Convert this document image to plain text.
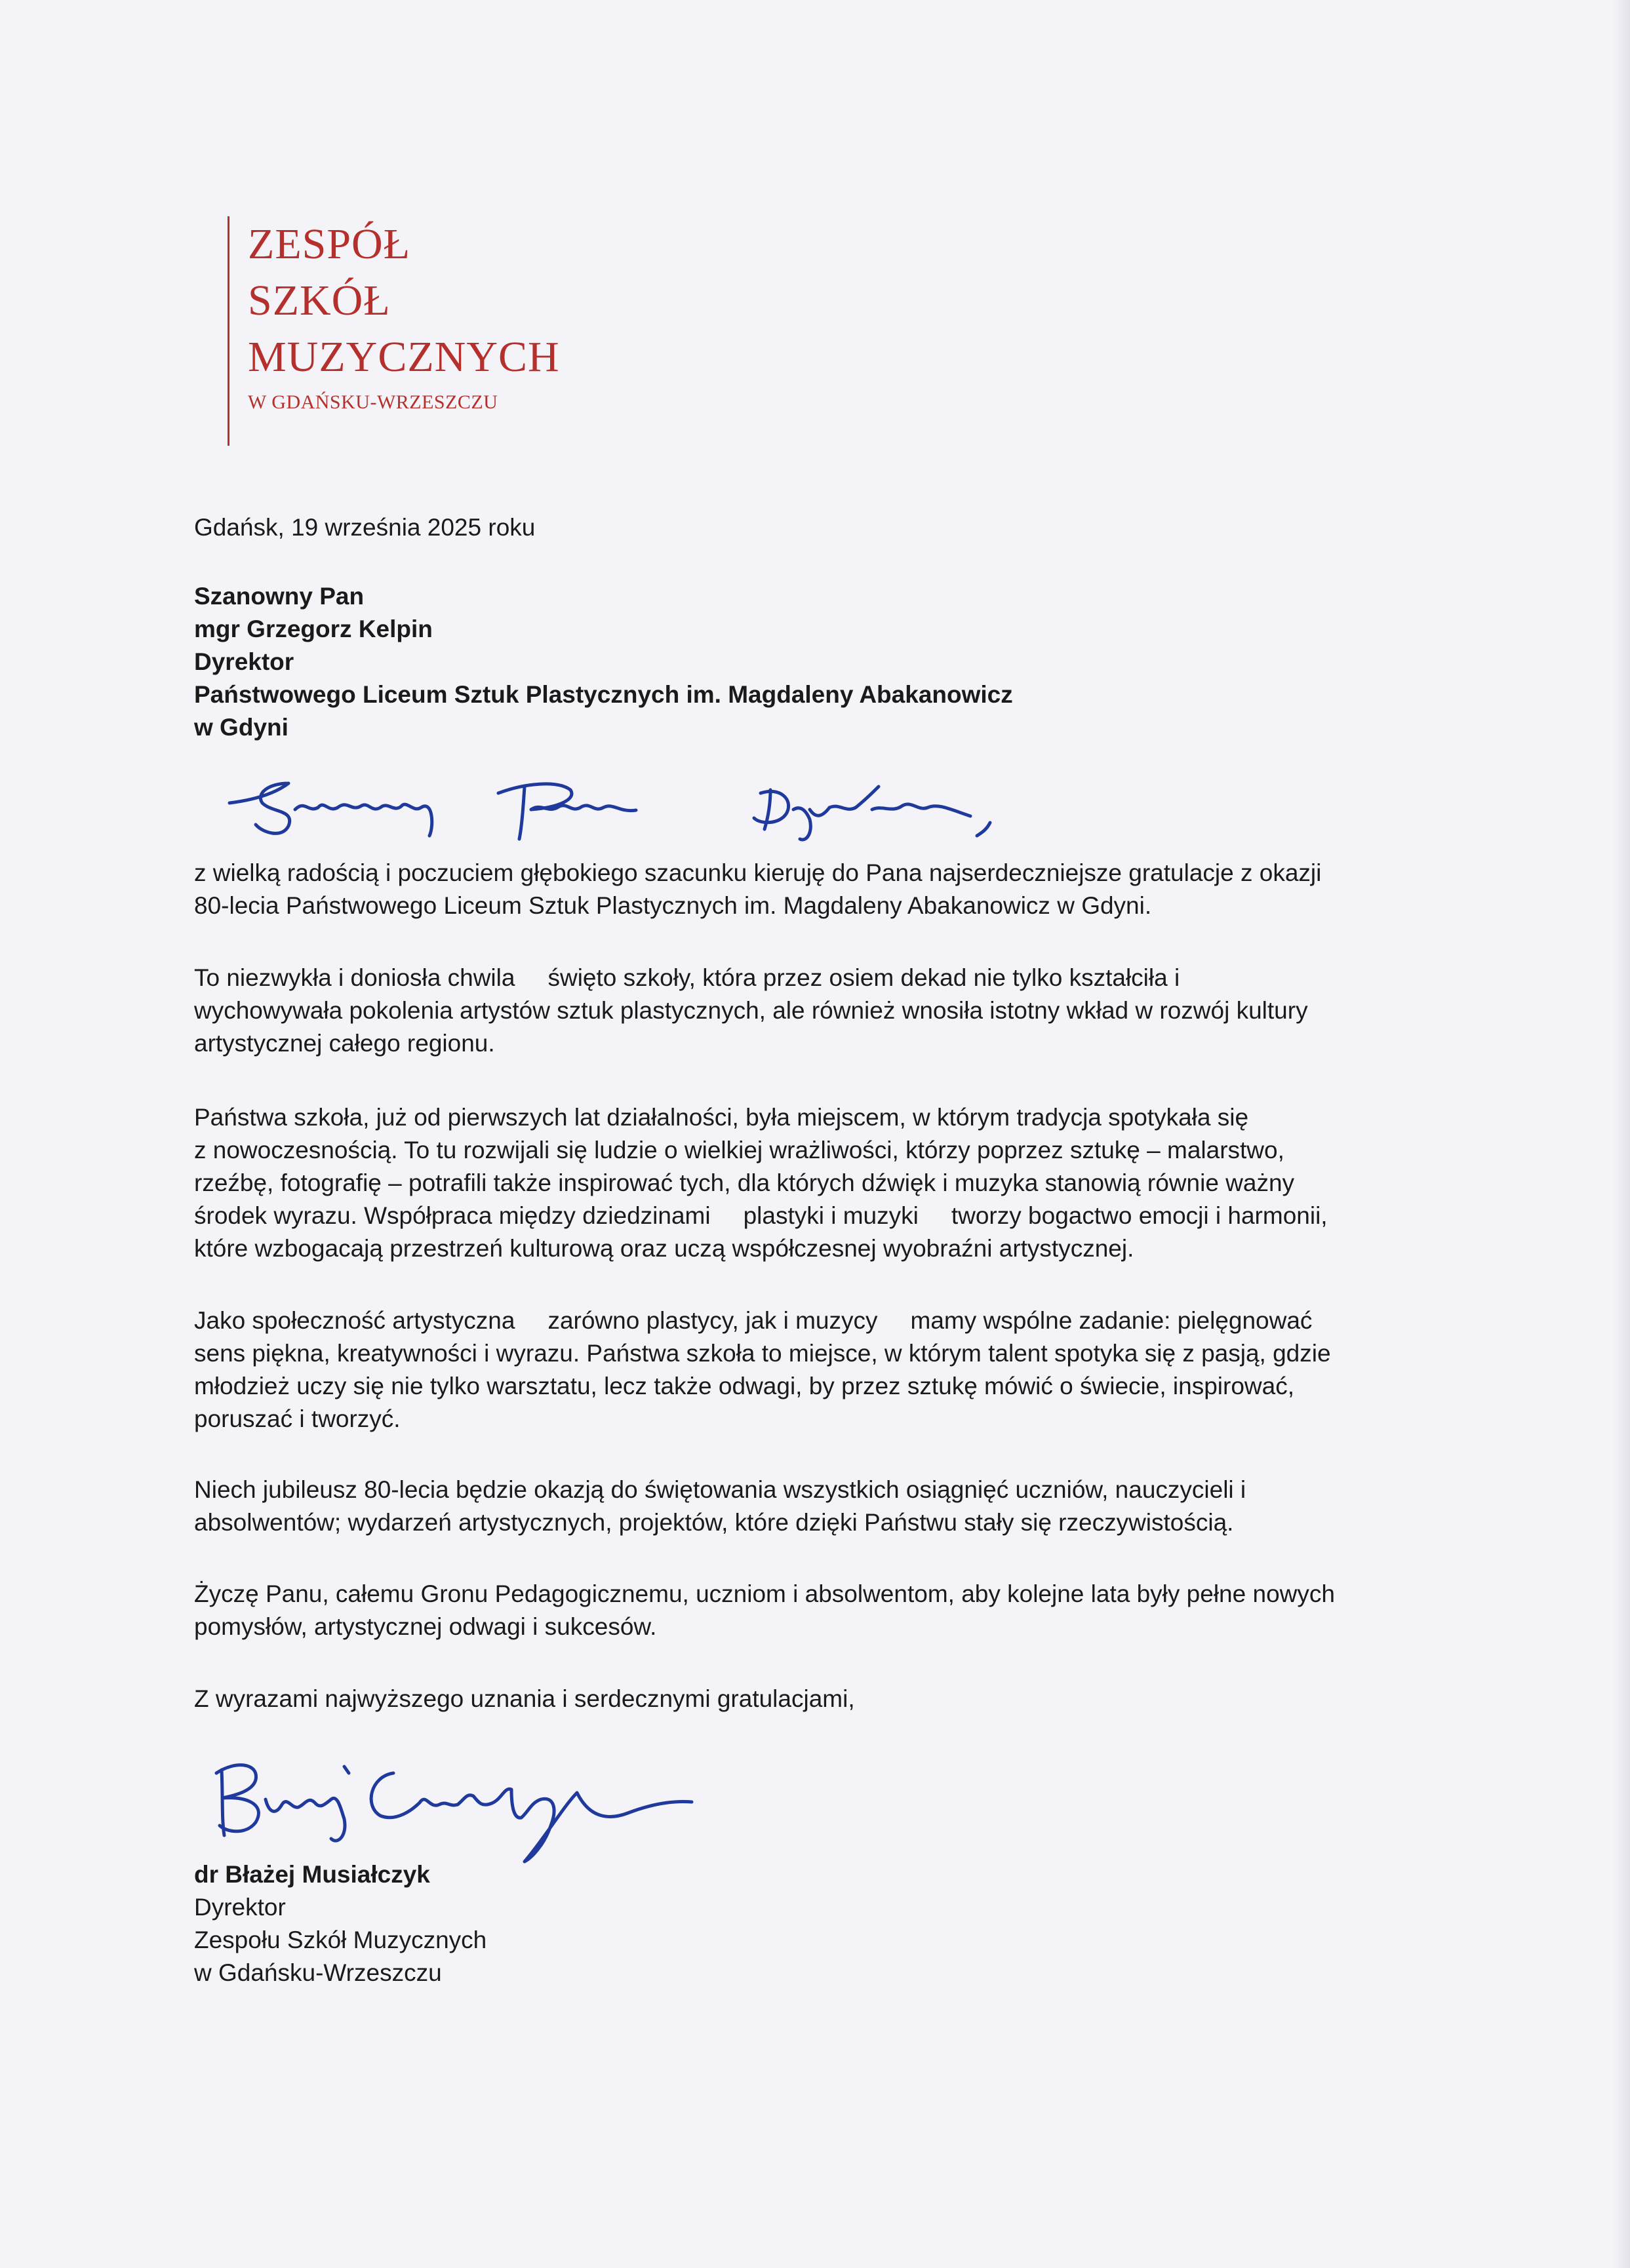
ZESPÓŁ
SZKÓŁ
MUZYCZNYCH
W GDAŃSKU-WRZESZCZU
Gdańsk, 19 września 2025 roku
Szanowny Pan
mgr Grzegorz Kelpin
Dyrektor
Państwowego Liceum Sztuk Plastycznych im. Magdaleny Abakanowicz
w Gdyni
z wielką radością i poczuciem głębokiego szacunku kieruję do Pana najserdeczniejsze gratulacje z okazji
80-lecia Państwowego Liceum Sztuk Plastycznych im. Magdaleny Abakanowicz w Gdyni.
To niezwykła i doniosła chwila święto szkoły, która przez osiem dekad nie tylko kształciła i
wychowywała pokolenia artystów sztuk plastycznych, ale również wnosiła istotny wkład w rozwój kultury
artystycznej całego regionu.
Państwa szkoła, już od pierwszych lat działalności, była miejscem, w którym tradycja spotykała się
z nowoczesnością. To tu rozwijali się ludzie o wielkiej wrażliwości, którzy poprzez sztukę – malarstwo,
rzeźbę, fotografię – potrafili także inspirować tych, dla których dźwięk i muzyka stanowią równie ważny
środek wyrazu. Współpraca między dziedzinami plastyki i muzyki tworzy bogactwo emocji i harmonii,
które wzbogacają przestrzeń kulturową oraz uczą współczesnej wyobraźni artystycznej.
Jako społeczność artystyczna zarówno plastycy, jak i muzycy mamy wspólne zadanie: pielęgnować
sens piękna, kreatywności i wyrazu. Państwa szkoła to miejsce, w którym talent spotyka się z pasją, gdzie
młodzież uczy się nie tylko warsztatu, lecz także odwagi, by przez sztukę mówić o świecie, inspirować,
poruszać i tworzyć.
Niech jubileusz 80-lecia będzie okazją do świętowania wszystkich osiągnięć uczniów, nauczycieli i
absolwentów; wydarzeń artystycznych, projektów, które dzięki Państwu stały się rzeczywistością.
Życzę Panu, całemu Gronu Pedagogicznemu, uczniom i absolwentom, aby kolejne lata były pełne nowych
pomysłów, artystycznej odwagi i sukcesów.
Z wyrazami najwyższego uznania i serdecznymi gratulacjami,
dr Błażej Musiałczyk
Dyrektor
Zespołu Szkół Muzycznych
w Gdańsku-Wrzeszczu
